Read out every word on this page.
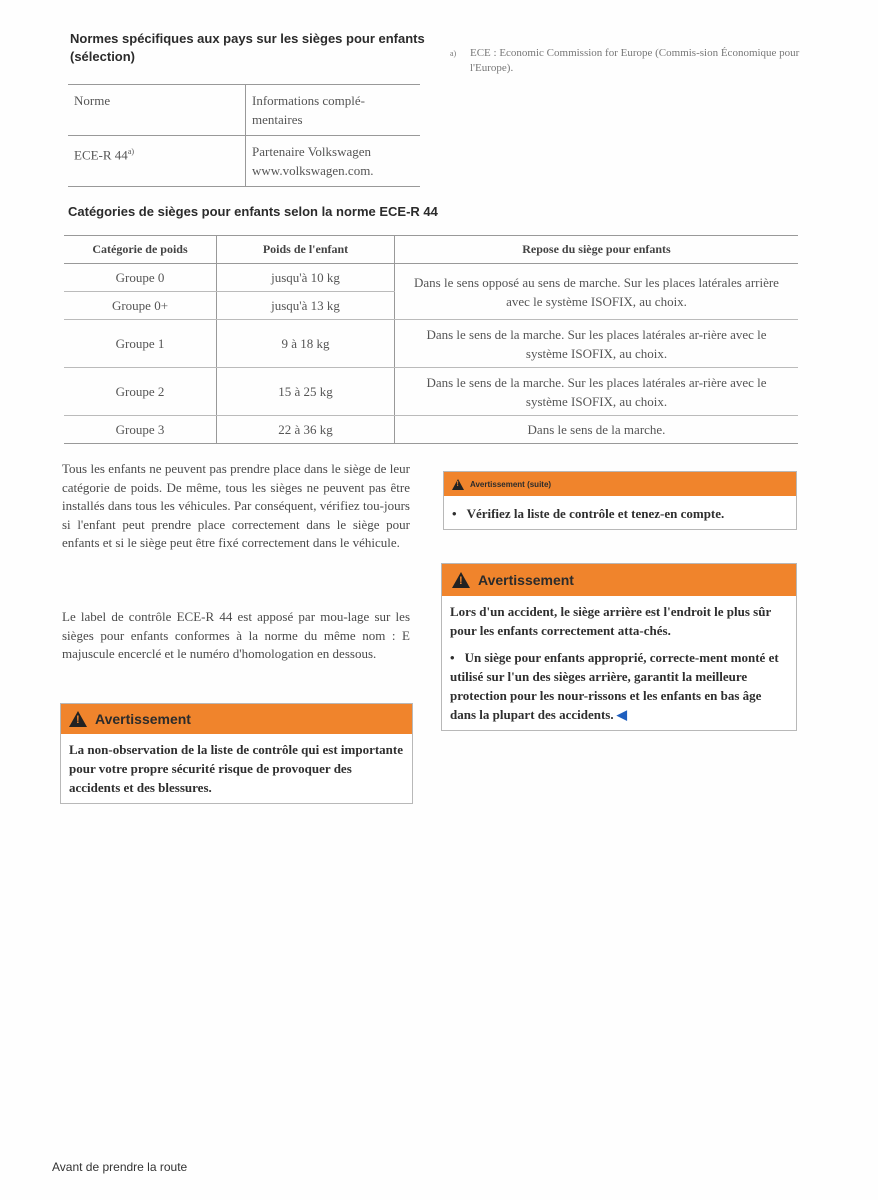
Normes spécifiques aux pays sur les sièges pour enfants (sélection)
Norme	Informations complé-mentaires
ECE-R 44$^{a)}$	Partenaire Volkswagen www.volkswagen.com.
a) ECE : Economic Commission for Europe (Commis-sion Économique pour l'Europe).
Catégories de sièges pour enfants selon la norme ECE-R 44
Catégorie de poids	Poids de l'enfant	Repose du siège pour enfants
Groupe 0	jusqu'à 10 kg	Dans le sens opposé au sens de marche. Sur les places latérales arrière avec le système ISOFIX, au choix.
Groupe 0+	jusqu'à 13 kg	
Groupe 1	9 à 18 kg	Dans le sens de la marche. Sur les places latérales ar-rière avec le système ISOFIX, au choix.
Groupe 2	15 à 25 kg	Dans le sens de la marche. Sur les places latérales ar-rière avec le système ISOFIX, au choix.
Groupe 3	22 à 36 kg	Dans le sens de la marche.
Tous les enfants ne peuvent pas prendre place dans le siège de leur catégorie de poids. De même, tous les sièges ne peuvent pas être installés dans tous les véhicules. Par conséquent, vérifiez tou-jours si l'enfant peut prendre place correctement dans le siège pour enfants et si le siège peut être fixé correctement dans le véhicule.
Le label de contrôle ECE-R 44 est apposé par mou-lage sur les sièges pour enfants conformes à la norme du même nom : E majuscule encerclé et le numéro d'homologation en dessous.
!
Avertissement
La non-observation de la liste de contrôle qui est importante pour votre propre sécurité risque de provoquer des accidents et des blessures.
!
Avertissement (suite)
• Vérifiez la liste de contrôle et tenez-en compte.
!
Avertissement
Lors d'un accident, le siège arrière est l'endroit le plus sûr pour les enfants correctement atta-chés.
• Un siège pour enfants approprié, correcte-ment monté et utilisé sur l'un des sièges arrière, garantit la meilleure protection pour les nour-rissons et les enfants en bas âge dans la plupart des accidents. ◀
Avant de prendre la route
